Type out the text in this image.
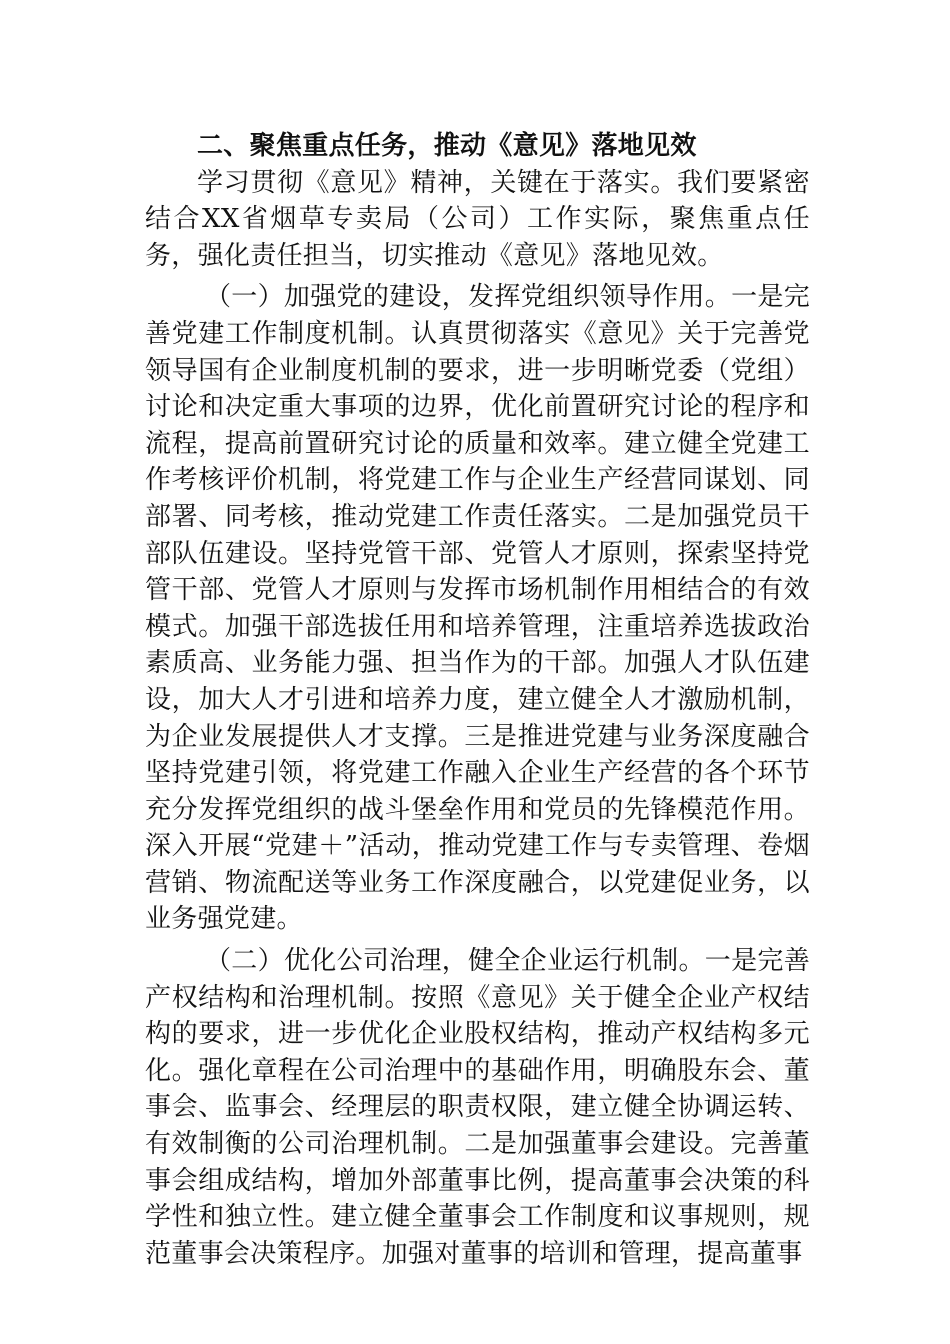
二、聚焦重点任务，推动《意见》落地见效

学习贯彻《意见》精神，关键在于落实。我们要紧密结合XX省烟草专卖局（公司）工作实际，聚焦重点任务，强化责任担当，切实推动《意见》落地见效。

（一）加强党的建设，发挥党组织领导作用。一是完善党建工作制度机制。认真贯彻落实《意见》关于完善党领导国有企业制度机制的要求，进一步明晰党委（党组）讨论和决定重大事项的边界，优化前置研究讨论的程序和流程，提高前置研究讨论的质量和效率。建立健全党建工作考核评价机制，将党建工作与企业生产经营同谋划、同部署、同考核，推动党建工作责任落实。二是加强党员干部队伍建设。坚持党管干部、党管人才原则，探索坚持党管干部、党管人才原则与发挥市场机制作用相结合的有效模式。加强干部选拔任用和培养管理，注重培养选拔政治素质高、业务能力强、担当作为的干部。加强人才队伍建设，加大人才引进和培养力度，建立健全人才激励机制，为企业发展提供人才支撑。三是推进党建与业务深度融合坚持党建引领，将党建工作融入企业生产经营的各个环节充分发挥党组织的战斗堡垒作用和党员的先锋模范作用。深入开展“党建＋”活动，推动党建工作与专卖管理、卷烟营销、物流配送等业务工作深度融合，以党建促业务，以业务强党建。

（二）优化公司治理，健全企业运行机制。一是完善产权结构和治理机制。按照《意见》关于健全企业产权结构的要求，进一步优化企业股权结构，推动产权结构多元化。强化章程在公司治理中的基础作用，明确股东会、董事会、监事会、经理层的职责权限，建立健全协调运转、有效制衡的公司治理机制。二是加强董事会建设。完善董事会组成结构，增加外部董事比例，提高董事会决策的科学性和独立性。建立健全董事会工作制度和议事规则，规范董事会决策程序。加强对董事的培训和管理，提高董事
